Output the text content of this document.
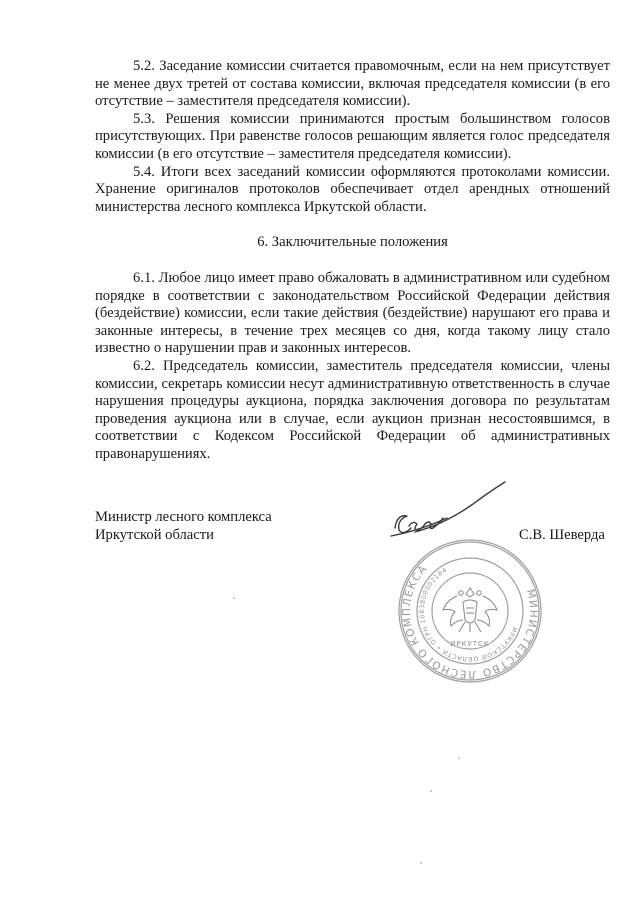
5.2. Заседание комиссии считается правомочным, если на нем присутствует не менее двух третей от состава комиссии, включая председателя комиссии (в его отсутствие – заместителя председателя комиссии).

5.3. Решения комиссии принимаются простым большинством голосов присутствующих. При равенстве голосов решающим является голос председателя комиссии (в его отсутствие – заместителя председателя комиссии).

5.4. Итоги всех заседаний комиссии оформляются протоколами комиссии. Хранение оригиналов протоколов обеспечивает отдел арендных отношений министерства лесного комплекса Иркутской области.

6. Заключительные положения

6.1. Любое лицо имеет право обжаловать в административном или судебном порядке в соответствии с законодательством Российской Федерации действия (бездействие) комиссии, если такие действия (бездействие) нарушают его права и законные интересы, в течение трех месяцев со дня, когда такому лицу стало известно о нарушении прав и законных интересов.

6.2. Председатель комиссии, заместитель председателя комиссии, члены комиссии, секретарь комиссии несут административную ответственность в случае нарушения процедуры аукциона, порядка заключения договора по результатам проведения аукциона или в случае, если аукцион признан несостоявшимся, в соответствии с Кодексом Российской Федерации об административных правонарушениях.

Министр лесного комплекса
Иркутской области	С.В. Шеверда
МИНИСТЕРСТВО ЛЕСНОГО КОМПЛЕКСА
ИРКУТСКОЙ ОБЛАСТИ • ОГРН 1083808002184
ИРКУТСК
